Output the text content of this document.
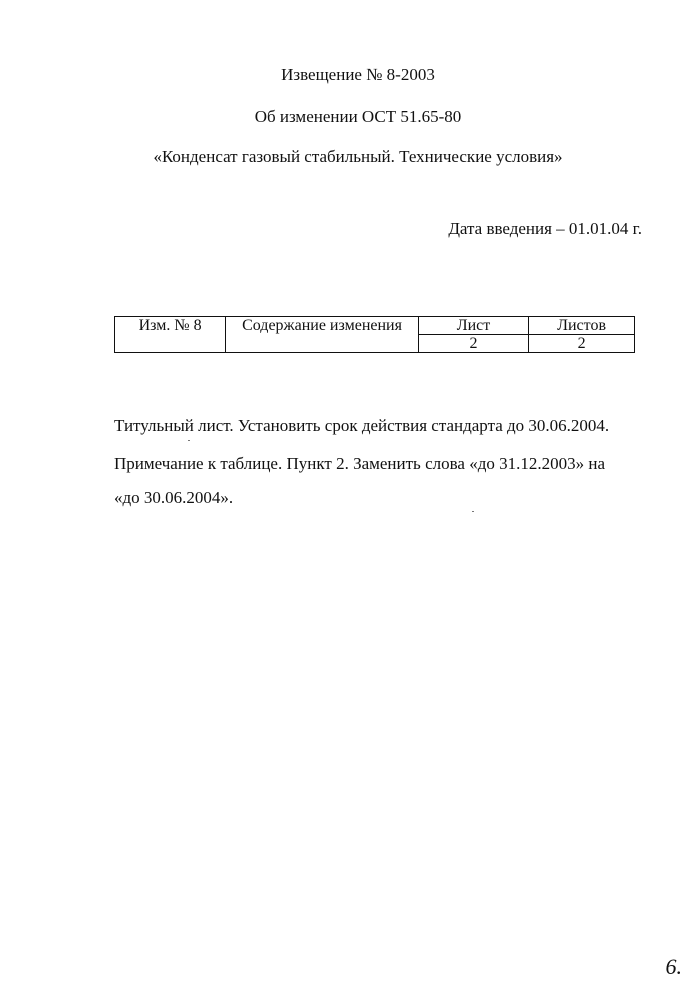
Извещение № 8-2003
Об изменении ОСТ 51.65-80
«Конденсат газовый стабильный. Технические условия»
Дата введения – 01.01.04 г.
Изм. № 8	Содержание изменения	Лист	Листов
		2	2
Титульный лист. Установить срок действия стандарта до 30.06.2004.
Примечание к таблице. Пункт 2. Заменить слова «до 31.12.2003» на «до 30.06.2004».
6.
